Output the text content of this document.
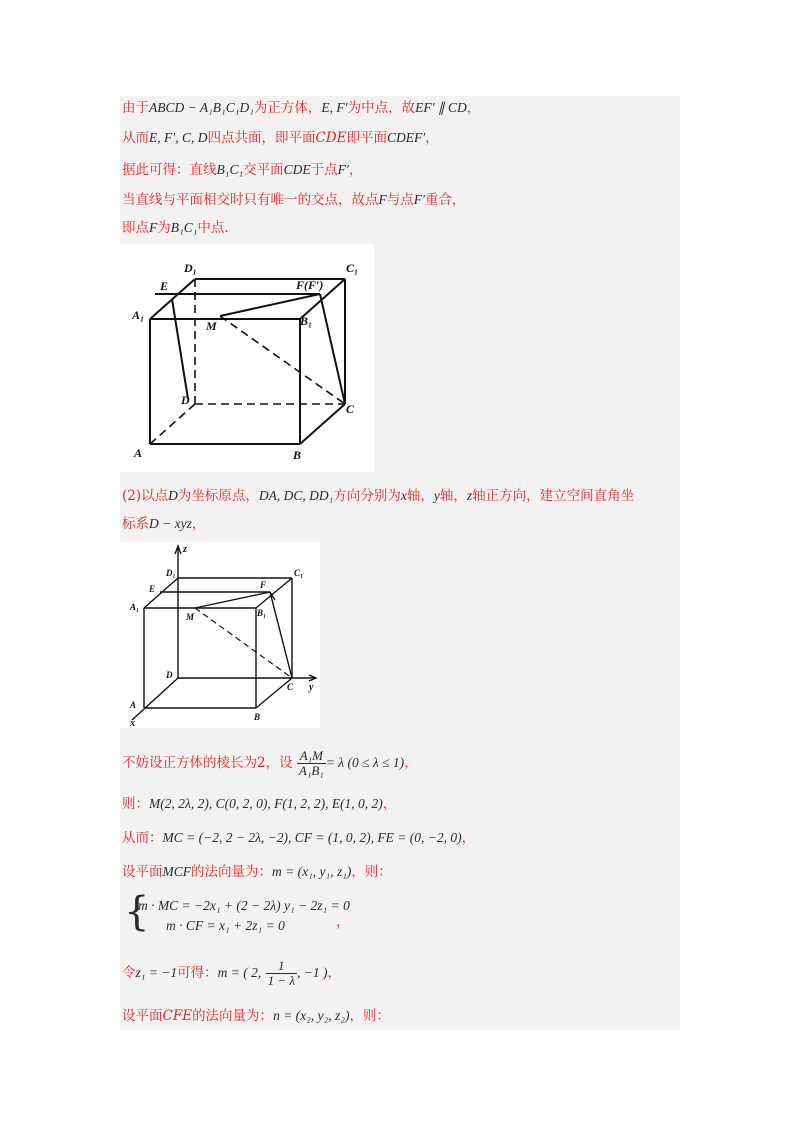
由于ABCD − A₁B₁C₁D₁为正方体，E, F′为中点，故EF′ ∥ CD，
从而E, F′, C, D四点共面，即平面CDE即平面CDEF′，
据此可得：直线B₁C₁交平面CDE于点F′，
当直线与平面相交时只有唯一的交点，故点F与点F′重合，
即点F为B₁C₁中点.
D₁	C₁
E	F(F′)
A₁
M	B₁
D
C
A	B
(2)以点D为坐标原点，DA, DC, DD₁方向分别为x轴，y轴，z轴正方向，建立空间直角坐
标系D − xyz，
z
D₁	C₁
E	F
A₁
M	B₁
D
C y
A
x
B
不妨设正方体的棱长为2，设 $\frac{\text{A₁M}}{\text{A₁B₁}} = \lambda$ (0 ≤ λ ≤ 1)，
则：M(2, 2λ, 2), C(0, 2, 0), F(1, 2, 2), E(1, 0, 2)，
从而：MC = (−2, 2 − 2λ, −2), CF = (1, 0, 2), FE = (0, −2, 0)，
设平面MCF的法向量为：m = (x₁, y₁, z₁)，则：
{
m · MC = −2x₁ + (2 − 2λ) y₁ − 2z₁ = 0
m · CF = x₁ + 2z₁ = 0	，
令z₁ = −1可得：m = ( 2, $\frac{1}{1 - \lambda}$ , −1 )，
设平面CFE的法向量为：n = (x₂, y₂, z₂)，则：
